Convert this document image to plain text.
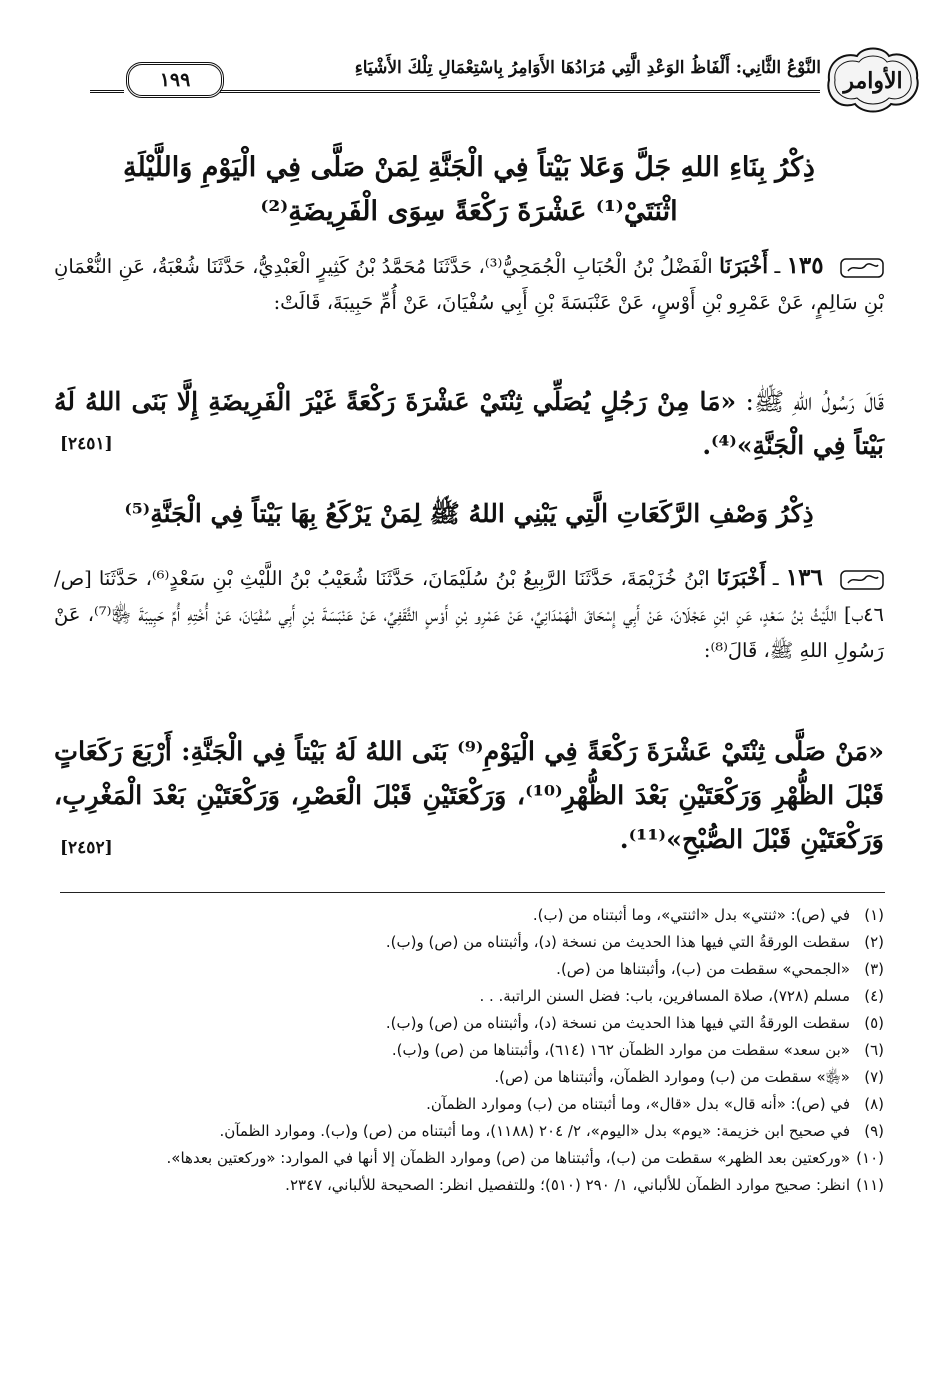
الأوامر
النَّوْعُ الثَّانِي: أَلْفَاظُ الوَعْدِ الَّتِي مُرَادُهَا الأَوَامِرُ بِاسْتِعْمَالِ تِلْكَ الأَشْيَاءِ
١٩٩
ذِكْرُ بِنَاءِ اللهِ جَلَّ وَعَلا بَيْتاً فِي الْجَنَّةِ لِمَنْ صَلَّى فِي الْيَوْمِ وَاللَّيْلَةِ
اثْنَتَيْ⁽¹⁾ عَشْرَةَ رَكْعَةً سِوَى الْفَرِيضَةِ⁽²⁾
١٣٥ ـ أَخْبَرَنَا الْفَضْلُ بْنُ الْحُبَابِ الْجُمَحِيُّ⁽³⁾، حَدَّثَنَا مُحَمَّدُ بْنُ كَثِيرٍ الْعَبْدِيُّ، حَدَّثَنَا شُعْبَةُ، عَنِ النُّعْمَانِ بْنِ سَالِمٍ، عَنْ عَمْرِو بْنِ أَوْسٍ، عَنْ عَنْبَسَةَ بْنِ أَبِي سُفْيَانَ، عَنْ أُمِّ حَبِيبَةَ، قَالَتْ:
قَالَ رَسُولُ اللهِ ﷺ: «مَا مِنْ رَجُلٍ يُصَلِّي ثِنْتَيْ عَشْرَةَ رَكْعَةً غَيْرَ الْفَرِيضَةِ إِلَّا بَنَى اللهُ لَهُ بَيْتاً فِي الْجَنَّةِ»⁽⁴⁾.
[٢٤٥١]
ذِكْرُ وَصْفِ الرَّكَعَاتِ الَّتِي يَبْنِي اللهُ ﷺ لِمَنْ يَرْكَعُ بِهَا بَيْتاً فِي الْجَنَّةِ⁽⁵⁾
١٣٦ ـ أَخْبَرَنَا ابْنُ خُزَيْمَةَ، حَدَّثَنَا الرَّبِيعُ بْنُ سُلَيْمَانَ، حَدَّثَنَا شُعَيْبُ بْنُ اللَّيْثِ بْنِ سَعْدٍ⁽⁶⁾، حَدَّثَنَا [ص/٤٦ب] اللَّيْثُ بْنُ سَعْدٍ، عَنِ ابْنِ عَجْلَانَ، عَنْ أَبِي إِسْحَاقَ الْهَمْدَانِيِّ، عَنْ عَمْرِو بْنِ أَوْسٍ الثَّقَفِيِّ، عَنْ عَنْبَسَةَ بْنِ أَبِي سُفْيَانَ، عَنْ أُخْتِهِ أُمِّ حَبِيبَةَ ﵂⁽⁷⁾، عَنْ رَسُولِ اللهِ ﷺ، قَالَ⁽⁸⁾:
«مَنْ صَلَّى ثِنْتَيْ عَشْرَةَ رَكْعَةً فِي الْيَوْمِ⁽⁹⁾ بَنَى اللهُ لَهُ بَيْتاً فِي الْجَنَّةِ: أَرْبَعَ رَكَعَاتٍ قَبْلَ الظُّهْرِ وَرَكْعَتَيْنِ بَعْدَ الظُّهْرِ⁽¹⁰⁾، وَرَكْعَتَيْنِ قَبْلَ الْعَصْرِ، وَرَكْعَتَيْنِ بَعْدَ الْمَغْرِبِ، وَرَكْعَتَيْنِ قَبْلَ الصُّبْحِ»⁽¹¹⁾.
[٢٤٥٢]
(١)
في (ص): «ثنتي» بدل «اثنتي»، وما أثبتناه من (ب).
(٢)
سقطت الورقةُ التي فيها هذا الحديث من نسخة (د)، وأثبتناه من (ص) و(ب).
(٣)
«الجمحي» سقطت من (ب)، وأثبتناها من (ص).
(٤)
مسلم (٧٢٨)، صلاة المسافرين، باب: فضل السنن الراتبة. . .
(٥)
سقطت الورقةُ التي فيها هذا الحديث من نسخة (د)، وأثبتناه من (ص) و(ب).
(٦)
«بن سعد» سقطت من موارد الظمآن ١٦٢ (٦١٤)، وأثبتناها من (ص) و(ب).
(٧)
«﵂» سقطت من (ب) وموارد الظمآن، وأثبتناها من (ص).
(٨)
في (ص): «أنه قال» بدل «قال»، وما أثبتناه من (ب) وموارد الظمآن.
(٩)
في صحيح ابن خزيمة: «يوم» بدل «اليوم»، ٢/ ٢٠٤ (١١٨٨)، وما أثبتناه من (ص) و(ب). وموارد الظمآن.
(١٠)
«وركعتين بعد الظهر» سقطت من (ب)، وأثبتناها من (ص) وموارد الظمآن إلا أنها في الموارد: «وركعتين بعدها».
(١١)
انظر: صحيح موارد الظمآن للألباني، ١/ ٢٩٠ (٥١٠)؛ وللتفصيل انظر: الصحيحة للألباني، ٢٣٤٧.
